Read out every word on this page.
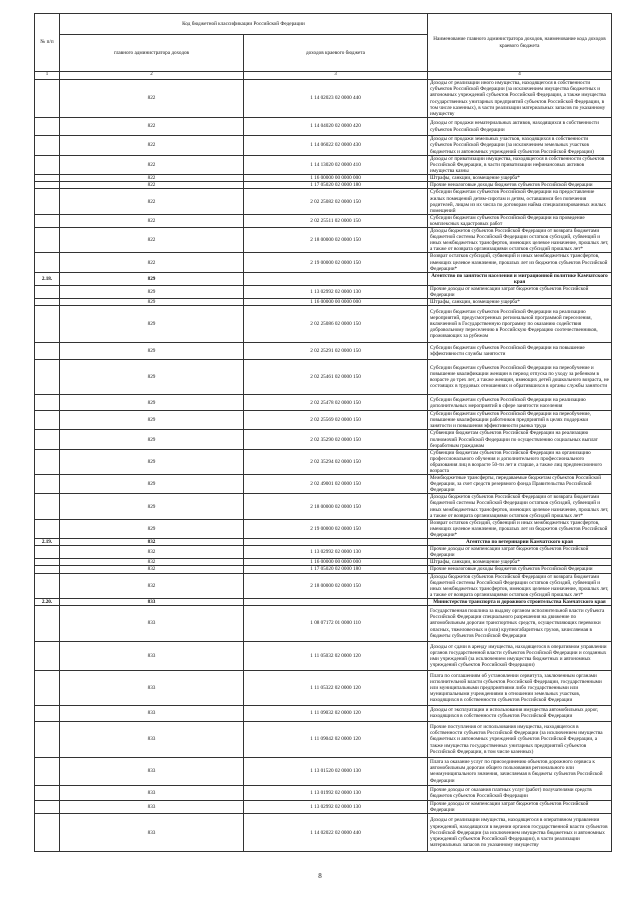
№ п/п	Код бюджетной классификации Российской Федерации		Наименование главного администратора доходов, наименование кода доходов краевого бюджета
	главного администратора доходов	доходов краевого бюджета	
1	2	3	4
	822	1 14 02023 02 0000 440	Доходы от реализации иного имущества, находящегося в собственности субъектов Российской Федерации (за исключением имущества бюджетных и автономных учреждений субъектов Российской Федерации, а также имущества государственных унитарных предприятий субъектов Российской Федерации, в том числе казенных), в части реализации материальных запасов по указанному имуществу
	822	1 14 04020 02 0000 420	Доходы от продажи нематериальных активов, находящихся в собственности субъектов Российской Федерации
	822	1 14 06022 02 0000 430	Доходы от продажи земельных участков, находящихся в собственности субъектов Российской Федерации (за исключением земельных участков бюджетных и автономных учреждений субъектов Российской Федерации)
	822	1 14 13020 02 0000 410	Доходы от приватизации имущества, находящегося в собственности субъектов Российской Федерации, в части приватизации нефинансовых активов имущества казны
	822	1 16 00000 00 0000 000	Штрафы, санкции, возмещение ущерба*
	822	1 17 05020 02 0000 180	Прочие неналоговые доходы бюджетов субъектов Российской Федерации
	822	2 02 25082 02 0000 150	Субсидии бюджетам субъектов Российской Федерации на предоставление жилых помещений детям-сиротам и детям, оставшимся без попечения родителей, лицам из их числа по договорам найма специализированных жилых помещений
	822	2 02 25511 02 0000 150	Субсидии бюджетам субъектов Российской Федерации на проведение комплексных кадастровых работ
	822	2 18 00000 02 0000 150	Доходы бюджетов субъектов Российской Федерации от возврата бюджетами бюджетной системы Российской Федерации остатков субсидий, субвенций и иных межбюджетных трансфертов, имеющих целевое назначение, прошлых лет, а также от возврата организациями остатков субсидий прошлых лет*
	822	2 19 00000 02 0000 150	Возврат остатков субсидий, субвенций и иных межбюджетных трансфертов, имеющих целевое назначение, прошлых лет из бюджетов субъектов Российской Федерации*
2.18.	829		Агентство по занятости населения и миграционной политике Камчатского края
	829	1 13 02992 02 0000 130	Прочие доходы от компенсации затрат бюджетов субъектов Российской Федерации
	829	1 16 00000 00 0000 000	Штрафы, санкции, возмещение ущерба*
	829	2 02 25086 02 0000 150	Субсидии бюджетам субъектов Российской Федерации на реализацию мероприятий, предусмотренных региональной программой переселения, включенной в Государственную программу по оказанию содействия добровольному переселению в Российскую Федерацию соотечественников, проживающих за рубежом
	829	2 02 25291 02 0000 150	Субсидии бюджетам субъектов Российской Федерации на повышение эффективности службы занятости
	829	2 02 25461 02 0000 150	Субсидии бюджетам субъектов Российской Федерации на переобучение и повышение квалификации женщин в период отпуска по уходу за ребенком в возрасте до трех лет, а также женщин, имеющих детей дошкольного возраста, не состоящих в трудовых отношениях и обратившихся в органы службы занятости
	829	2 02 25478 02 0000 150	Субсидии бюджетам субъектов Российской Федерации на реализацию дополнительных мероприятий в сфере занятости населения
	829	2 02 25569 02 0000 150	Субсидии бюджетам субъектов Российской Федерации на переобучение, повышение квалификации работников предприятий в целях поддержки занятости и повышения эффективности рынка труда
	829	2 02 35290 02 0000 150	Субвенции бюджетам субъектов Российской Федерации на реализацию полномочий Российской Федерации по осуществлению социальных выплат безработным гражданам
	829	2 02 35294 02 0000 150	Субвенции бюджетам субъектов Российской Федерации на организацию профессионального обучения и дополнительного профессионального образования лиц в возрасте 50-ти лет и старше, а также лиц предпенсионного возраста
	829	2 02 49001 02 0000 150	Межбюджетные трансферты, передаваемые бюджетам субъектов Российской Федерации, за счет средств резервного фонда Правительства Российской Федерации
	829	2 18 00000 02 0000 150	Доходы бюджетов субъектов Российской Федерации от возврата бюджетами бюджетной системы Российской Федерации остатков субсидий, субвенций и иных межбюджетных трансфертов, имеющих целевое назначение, прошлых лет, а также от возврата организациями остатков субсидий прошлых лет*
	829	2 19 00000 02 0000 150	Возврат остатков субсидий, субвенций и иных межбюджетных трансфертов, имеющих целевое назначение, прошлых лет из бюджетов субъектов Российской Федерации*
2.19.	832		Агентство по ветеринарии Камчатского края
	832	1 13 02992 02 0000 130	Прочие доходы от компенсации затрат бюджетов субъектов Российской Федерации
	832	1 16 00000 00 0000 000	Штрафы, санкции, возмещение ущерба*
	832	1 17 05020 02 0000 180	Прочие неналоговые доходы бюджетов субъектов Российской Федерации
	832	2 18 00000 02 0000 150	Доходы бюджетов субъектов Российской Федерации от возврата бюджетами бюджетной системы Российской Федерации остатков субсидий, субвенций и иных межбюджетных трансфертов, имеющих целевое назначение, прошлых лет, а также от возврата организациями остатков субсидий прошлых лет*
2.20.	833		Министерство транспорта и дорожного строительства Камчатского края
	833	1 08 07172 01 0000 110	Государственная пошлина за выдачу органом исполнительной власти субъекта Российской Федерации специального разрешения на движение по автомобильным дорогам транспортных средств, осуществляющих перевозки опасных, тяжеловесных и (или) крупногабаритных грузов, зачисляемая в бюджеты субъектов Российской Федерации
	833	1 11 05032 02 0000 120	Доходы от сдачи в аренду имущества, находящегося в оперативном управлении органов государственной власти субъектов Российской Федерации и созданных ими учреждений (за исключением имущества бюджетных и автономных учреждений субъектов Российской Федерации)
	833	1 11 05322 02 0000 120	Плата по соглашениям об установлении сервитута, заключенным органами исполнительной власти субъектов Российской Федерации, государственными или муниципальными предприятиями либо государственными или муниципальными учреждениями в отношении земельных участков, находящихся в собственности субъектов Российской Федерации
	833	1 11 09032 02 0000 120	Доходы от эксплуатации и использования имущества автомобильных дорог, находящихся в собственности субъектов Российской Федерации
	833	1 11 09042 02 0000 120	Прочие поступления от использования имущества, находящегося в собственности субъектов Российской Федерации (за исключением имущества бюджетных и автономных учреждений субъектов Российской Федерации, а также имущества государственных унитарных предприятий субъектов Российской Федерации, в том числе казенных)
	833	1 13 01520 02 0000 130	Плата за оказание услуг по присоединению объектов дорожного сервиса к автомобильным дорогам общего пользования регионального или межмуниципального значения, зачисляемая в бюджеты субъектов Российской Федерации
	833	1 13 01992 02 0000 130	Прочие доходы от оказания платных услуг (работ) получателями средств бюджетов субъектов Российской Федерации
	833	1 13 02992 02 0000 130	Прочие доходы от компенсации затрат бюджетов субъектов Российской Федерации
	833	1 14 02022 02 0000 440	Доходы от реализации имущества, находящегося в оперативном управлении учреждений, находящихся в ведении органов государственной власти субъектов Российской Федерации (за исключением имущества бюджетных и автономных учреждений субъектов Российской Федерации), в части реализации материальных запасов по указанному имуществу
8
